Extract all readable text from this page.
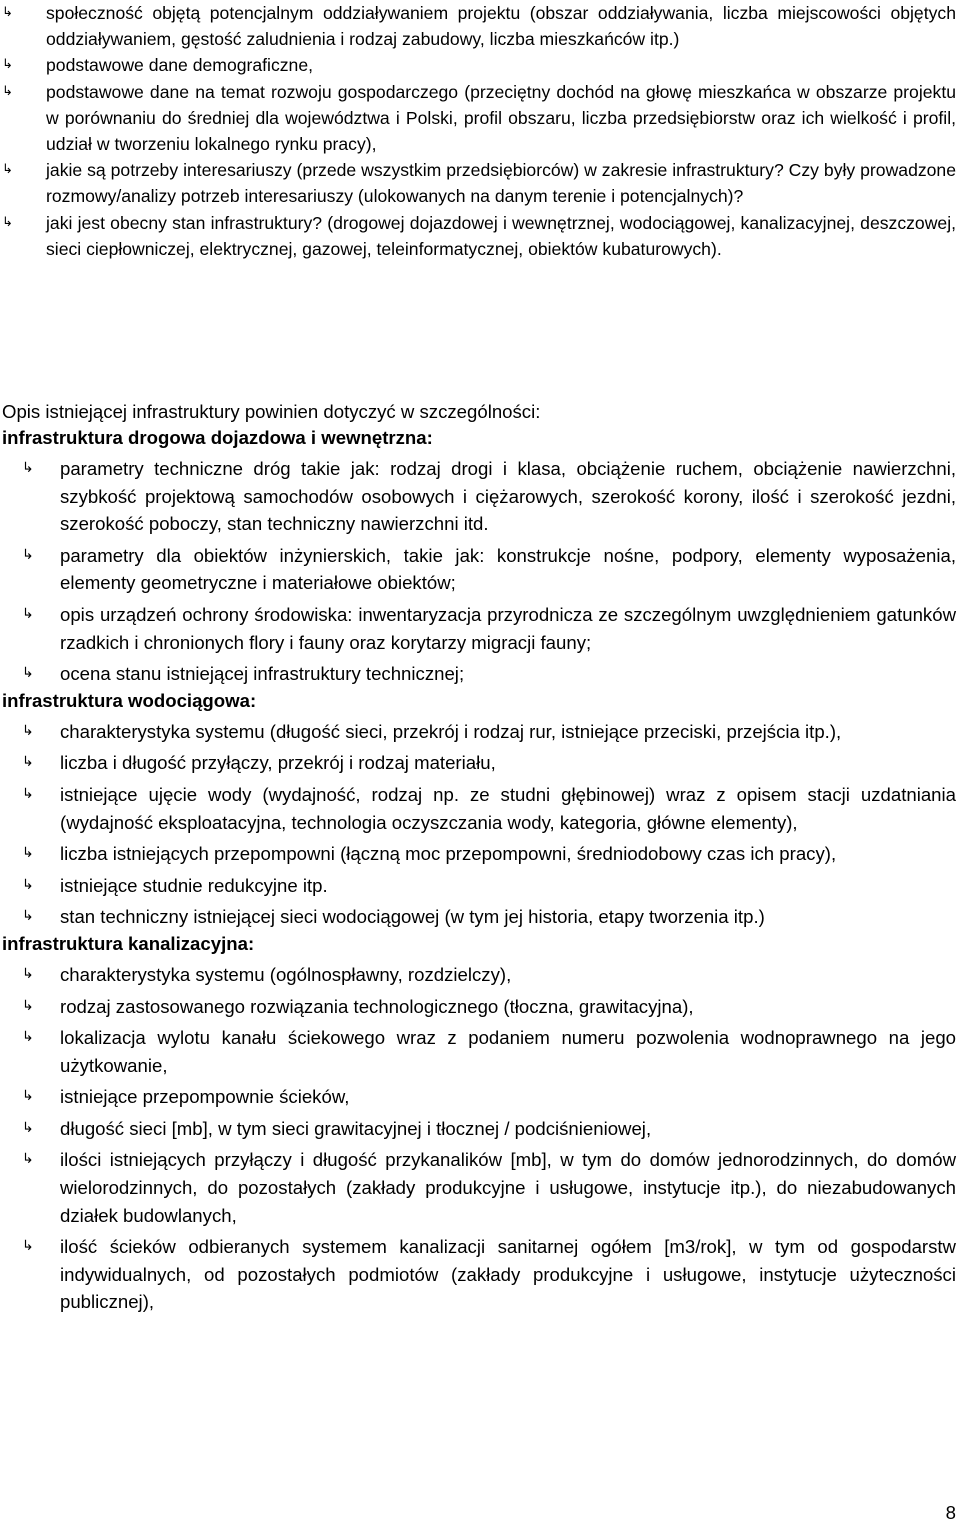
↳	społeczność objętą potencjalnym oddziaływaniem projektu (obszar oddziaływania, liczba miejscowości objętych oddziaływaniem, gęstość zaludnienia i rodzaj zabudowy, liczba mieszkańców itp.)
↳	podstawowe dane demograficzne,
↳	podstawowe dane na temat rozwoju gospodarczego (przeciętny dochód na głowę mieszkańca w obszarze projektu w porównaniu do średniej dla województwa i Polski, profil obszaru, liczba przedsiębiorstw oraz ich wielkość i profil, udział w tworzeniu lokalnego rynku pracy),
↳	jakie są potrzeby interesariuszy (przede wszystkim przedsiębiorców) w zakresie infrastruktury? Czy były prowadzone rozmowy/analizy potrzeb interesariuszy (ulokowanych na danym terenie i potencjalnych)?
↳	jaki jest obecny stan infrastruktury? (drogowej dojazdowej i wewnętrznej, wodociągowej, kanalizacyjnej, deszczowej, sieci ciepłowniczej, elektrycznej, gazowej, teleinformatycznej, obiektów kubaturowych).

Opis istniejącej infrastruktury powinien dotyczyć w szczególności:

infrastruktura drogowa dojazdowa i wewnętrzna:

↳ parametry techniczne dróg takie jak: rodzaj drogi i klasa, obciążenie ruchem, obciążenie nawierzchni, szybkość projektową samochodów osobowych i ciężarowych, szerokość korony, ilość i szerokość jezdni, szerokość poboczy, stan techniczny nawierzchni itd.
↳ parametry dla obiektów inżynierskich, takie jak: konstrukcje nośne, podpory, elementy wyposażenia, elementy geometryczne i materiałowe obiektów;
↳ opis urządzeń ochrony środowiska: inwentaryzacja przyrodnicza ze szczególnym uwzględnieniem gatunków rzadkich i chronionych flory i fauny oraz korytarzy migracji fauny;
↳ ocena stanu istniejącej infrastruktury technicznej;

infrastruktura wodociągowa:

↳ charakterystyka systemu (długość sieci, przekrój i rodzaj rur, istniejące przeciski, przejścia itp.),
↳ liczba i długość przyłączy, przekrój i rodzaj materiału,
↳ istniejące ujęcie wody (wydajność, rodzaj np. ze studni głębinowej) wraz z opisem stacji uzdatniania (wydajność eksploatacyjna, technologia oczyszczania wody, kategoria, główne elementy),
↳ liczba istniejących przepompowni (łączną moc przepompowni, średniodobowy czas ich pracy),
↳ istniejące studnie redukcyjne itp.
↳ stan techniczny istniejącej sieci wodociągowej (w tym jej historia, etapy tworzenia itp.)

infrastruktura kanalizacyjna:

↳ charakterystyka systemu (ogólnospławny, rozdzielczy),
↳ rodzaj zastosowanego rozwiązania technologicznego (tłoczna, grawitacyjna),
↳ lokalizacja wylotu kanału ściekowego wraz z podaniem numeru pozwolenia wodnoprawnego na jego użytkowanie,
↳ istniejące przepompownie ścieków,
↳ długość sieci [mb], w tym sieci grawitacyjnej i tłocznej / podciśnieniowej,
↳ ilości istniejących przyłączy i długość przykanalików [mb], w tym do domów jednorodzinnych, do domów wielorodzinnych, do pozostałych (zakłady produkcyjne i usługowe, instytucje itp.), do niezabudowanych działek budowlanych,
↳ ilość ścieków odbieranych systemem kanalizacji sanitarnej ogółem [m3/rok], w tym od gospodarstw indywidualnych, od pozostałych podmiotów (zakłady produkcyjne i usługowe, instytucje użyteczności publicznej),
8
